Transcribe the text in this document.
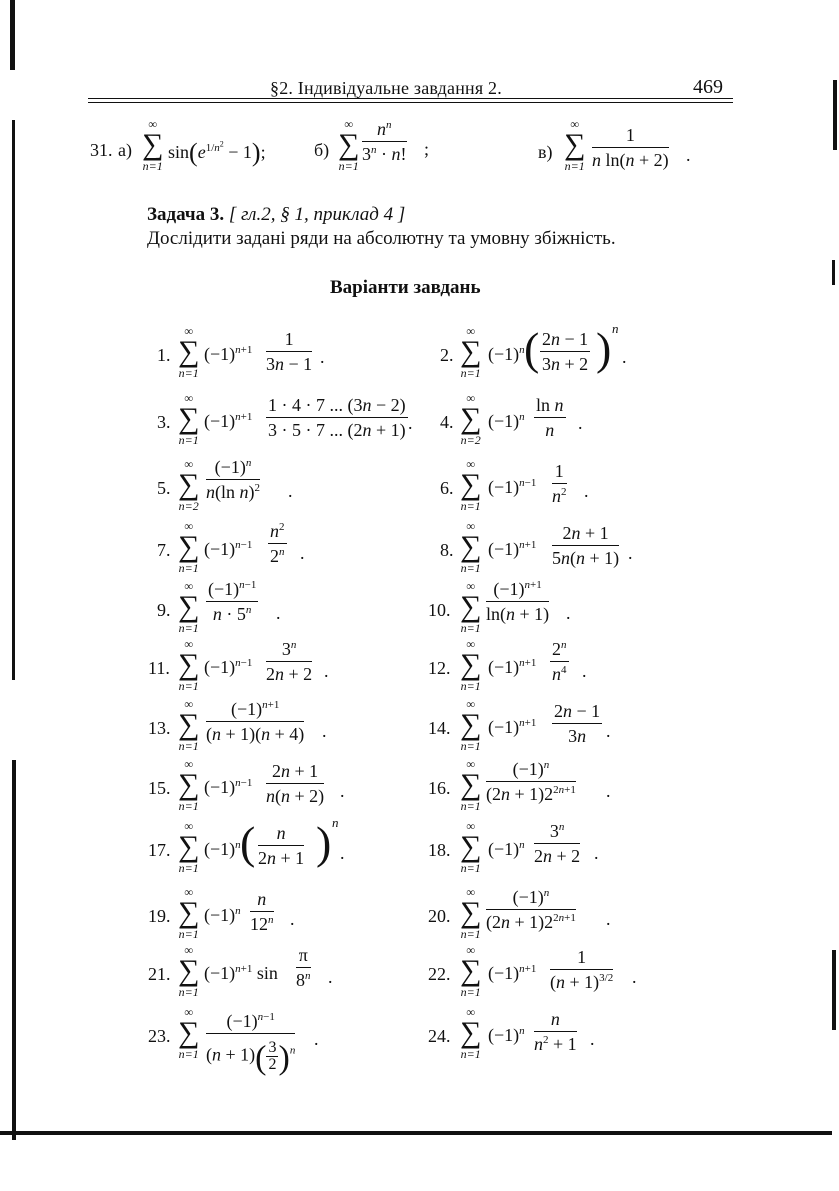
§2. Індивідуальне завдання 2.	469
31. а)
∞
∑
n=1
$\sin(e^{1/n^2} - 1)$;	б)
∞
∑
n=1
$\frac{n^n}{3^n \cdot n!}$ ;	в)
∞
∑
$n=1 \frac{1}{\text{n ln(n + 2)}}$ .
Задача 3. [ гл.2, § 1, приклад 4 ]
Дослідити задані ряди на абсолютну та умовну збіжність.
Варіанти завдань
1.
∞
∑
n=1
$(-1)^{n+1} \frac{1}{3n - 1}$ .	2.
∞
∑
n=1
$(-1)^n$ ( $\frac{2n - 1}{3n + 2}$ ) n
.
3.
∞
∑
n=1
$(-1)^{n+1} \frac{1 \cdot 4 \cdot 7 ... (3n - 2)}{3 \cdot 5 \cdot 7 ... (2n + 1)}$ . 4.
∞
∑
n=2
$(-1)^n \frac{\text{ln n}}{n}$ .
5.
∞
∑
n=2
$\frac{(-1)^n}{n(\ln n)^2}$ .	6.
∞
∑
n=1
$(-1)^{n-1} \frac{1}{n^2}$ .
7.
∞
∑
n=1
$(-1)^{n-1} \frac{n^2}{2^n}$ .	8.
∞
∑
n=1
$(-1)^{n+1} \frac{2n + 1}{5n(n + 1)}$ .
9.
∞
∑
n=1
$\frac{(-1)^{n-1}}{n \cdot 5^n}$ .	10.
∞
∑
n=1
$\frac{(-1)^{n+1}}{\ln(n + 1)}$ .
11.
∞
∑
n=1
$(-1)^{n-1} \frac{3^n}{2n + 2}$ .	12.
∞
∑
n=1
$(-1)^{n+1} \frac{2^n}{n^4}$ .
13.
∞
∑
n=1
$\frac{(-1)^{n+1}}{(n + 1)(n + 4)}$ .	14.
∞
∑
n=1
$(-1)^{n+1} \frac{2n - 1}{3n}$ .
15.
∞
∑
n=1
$(-1)^{n-1} \frac{2n + 1}{n(n + 2)}$ .	16.
∞
∑
n=1
$\frac{(-1)^n}{(2n + 1)2^{2n+1}}$ .
17.
∞
∑
n=1
$(-1)^n$ ( $\frac{n}{2n + 1}$ ) n
.	18.
∞
∑
n=1
$(-1)^n \frac{3^n}{2n + 2}$ .
19.
∞
∑
n=1
$(-1)^n \frac{n}{12^n}$ .	20.
∞
∑
n=1
$\frac{(-1)^n}{(2n + 1)2^{2n+1}}$ .
21.
∞
∑
n=1
$(-1)^{n+1}$ $\sin \frac{\pi}{8^n}$ .	22.
∞
∑
n=1
$(-1)^{n+1} \frac{1}{(n + 1)^{3/2}}$ .
23.
∞
∑
$n=1 \frac{(-1)^{n-1}}{(n + 1)( \frac{3}{2} )^n}$ .	24.
∞
∑
n=1
$(-1)^n \frac{n}{n^2 + 1}$ .
